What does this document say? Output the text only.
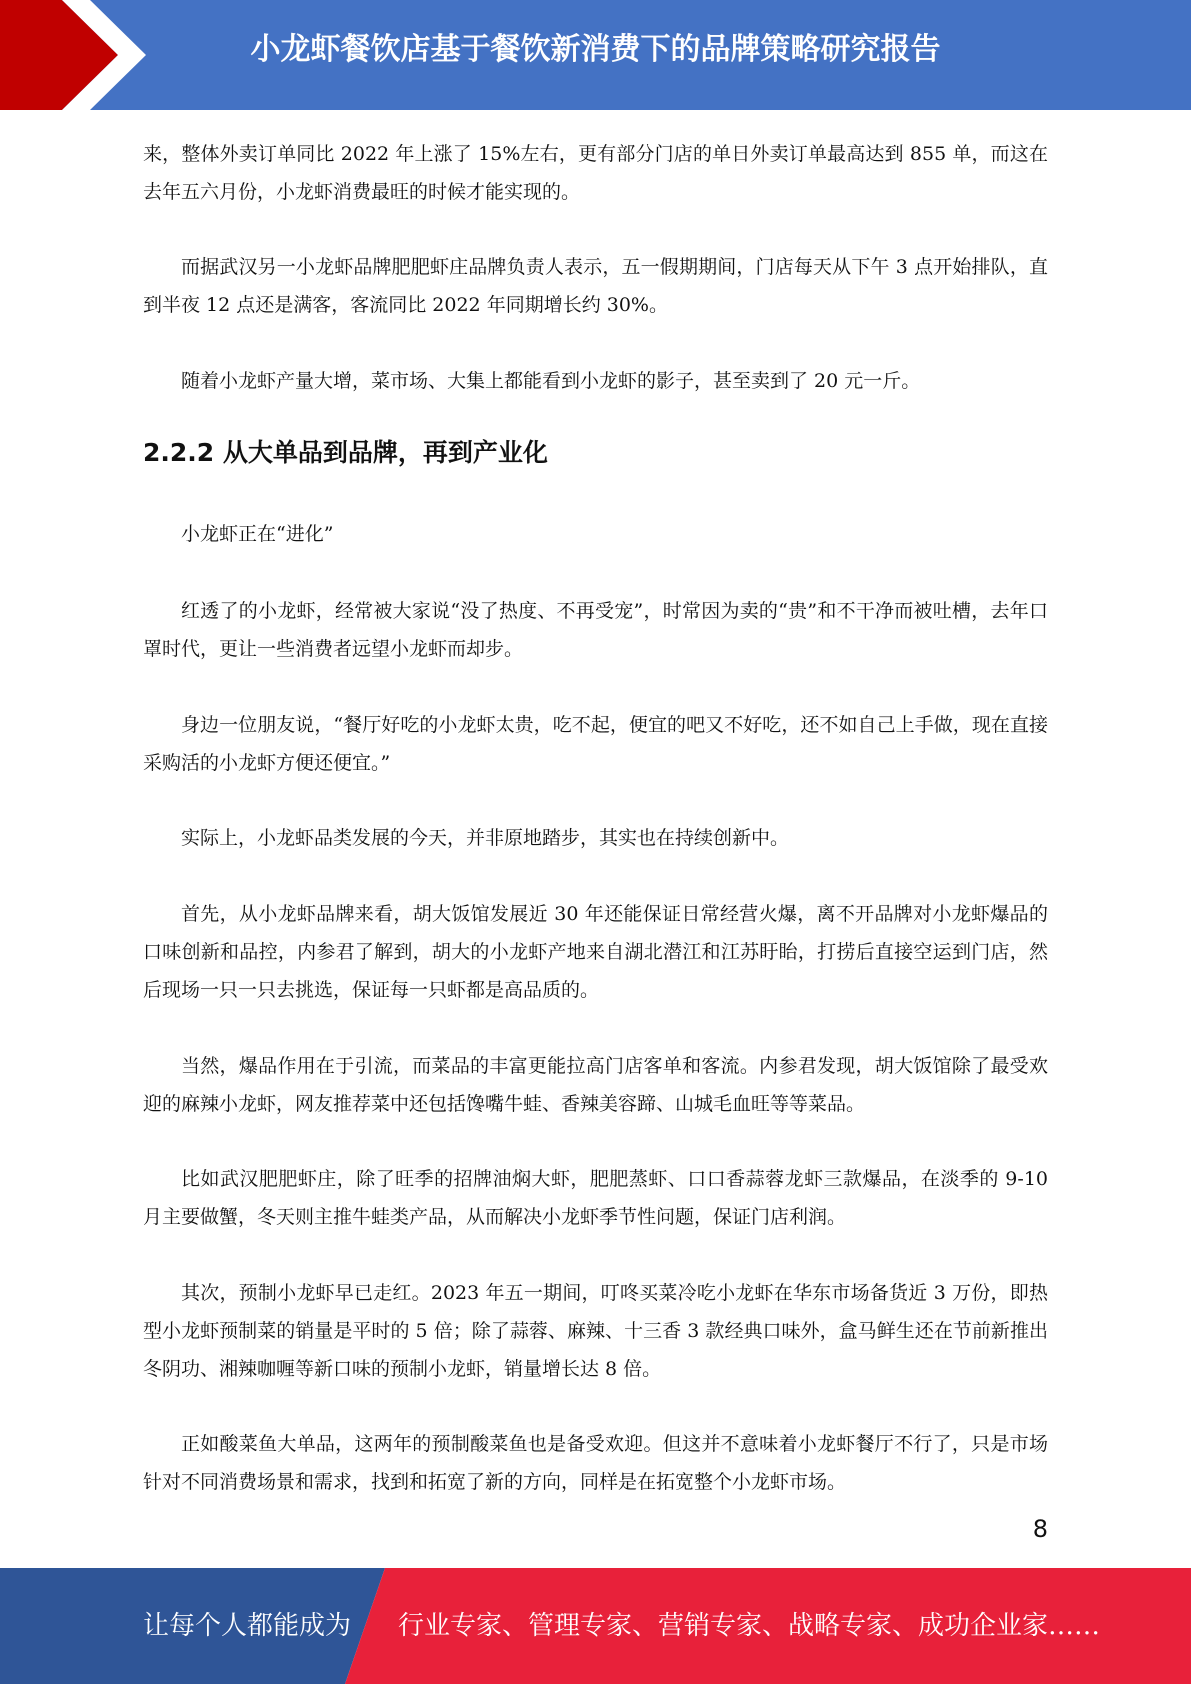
小龙虾餐饮店基于餐饮新消费下的品牌策略研究报告

来，整体外卖订单同比 2022 年上涨了 15%左右，更有部分门店的单日外卖订单最高达到 855 单，而这在去年五六月份，小龙虾消费最旺的时候才能实现的。

而据武汉另一小龙虾品牌肥肥虾庄品牌负责人表示，五一假期期间，门店每天从下午 3 点开始排队，直到半夜 12 点还是满客，客流同比 2022 年同期增长约 30%。

随着小龙虾产量大增，菜市场、大集上都能看到小龙虾的影子，甚至卖到了 20 元一斤。

2.2.2 从大单品到品牌，再到产业化

小龙虾正在“进化”

红透了的小龙虾，经常被大家说“没了热度、不再受宠”，时常因为卖的“贵”和不干净而被吐槽，去年口罩时代，更让一些消费者远望小龙虾而却步。

身边一位朋友说，“餐厅好吃的小龙虾太贵，吃不起，便宜的吧又不好吃，还不如自己上手做，现在直接采购活的小龙虾方便还便宜。”

实际上，小龙虾品类发展的今天，并非原地踏步，其实也在持续创新中。

首先，从小龙虾品牌来看，胡大饭馆发展近 30 年还能保证日常经营火爆，离不开品牌对小龙虾爆品的口味创新和品控，内参君了解到，胡大的小龙虾产地来自湖北潜江和江苏盱眙，打捞后直接空运到门店，然后现场一只一只去挑选，保证每一只虾都是高品质的。

当然，爆品作用在于引流，而菜品的丰富更能拉高门店客单和客流。内参君发现，胡大饭馆除了最受欢迎的麻辣小龙虾，网友推荐菜中还包括馋嘴牛蛙、香辣美容蹄、山城毛血旺等等菜品。

比如武汉肥肥虾庄，除了旺季的招牌油焖大虾，肥肥蒸虾、口口香蒜蓉龙虾三款爆品，在淡季的 9-10 月主要做蟹，冬天则主推牛蛙类产品，从而解决小龙虾季节性问题，保证门店利润。

其次，预制小龙虾早已走红。2023 年五一期间，叮咚买菜冷吃小龙虾在华东市场备货近 3 万份，即热型小龙虾预制菜的销量是平时的 5 倍；除了蒜蓉、麻辣、十三香 3 款经典口味外，盒马鲜生还在节前新推出冬阴功、湘辣咖喱等新口味的预制小龙虾，销量增长达 8 倍。

正如酸菜鱼大单品，这两年的预制酸菜鱼也是备受欢迎。但这并不意味着小龙虾餐厅不行了，只是市场针对不同消费场景和需求，找到和拓宽了新的方向，同样是在拓宽整个小龙虾市场。

8
让每个人都能成为 行业专家、管理专家、营销专家、战略专家、成功企业家……
